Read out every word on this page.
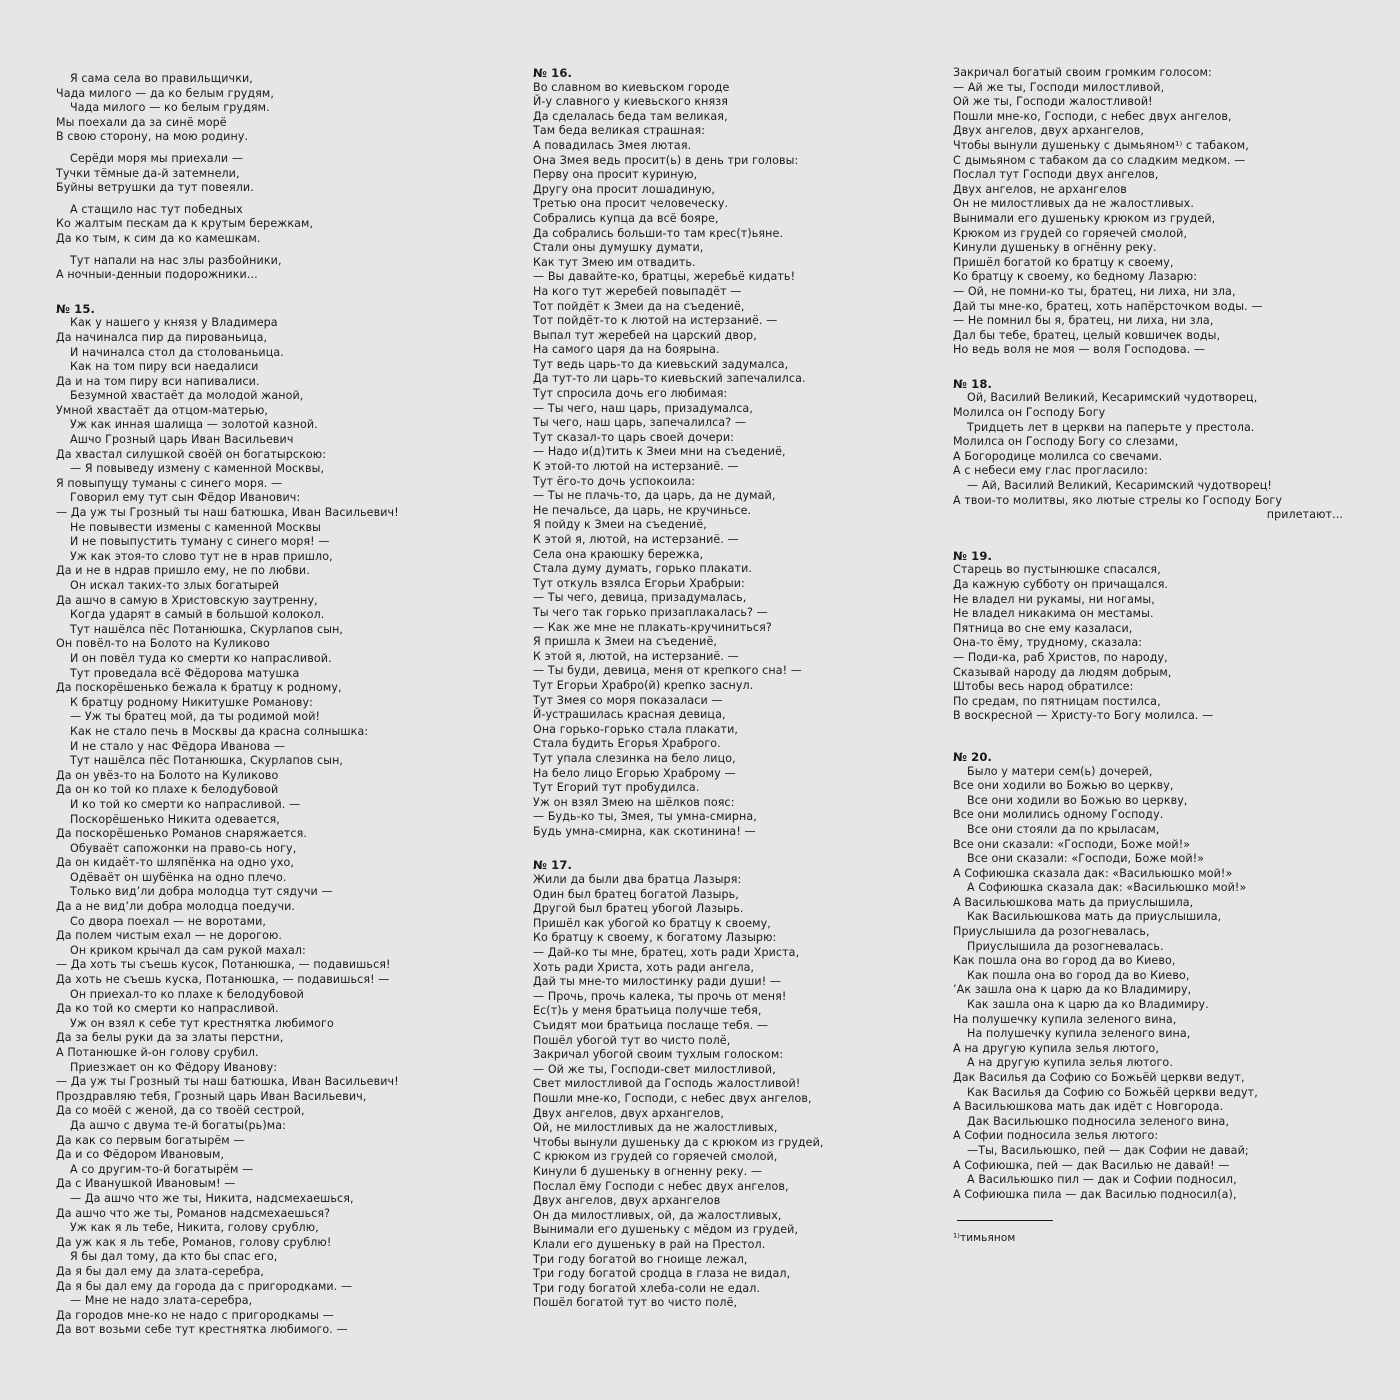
Я сама села во правильщички,
Чада милого — да ко белым грудям,
Чада милого — ко белым грудям.
Мы поехали да за синё морё
В свою сторону, на мою родину.
Серёди моря мы приехали —
Тучки тёмные да-й затемнели,
Буйны ветрушки да тут повеяли.
А стащило нас тут победных
Ко жалтым пескам да к крутым бережкам,
Да ко тым, к сим да ко камешкам.
Тут напали на нас злы разбойники,
А ночныи-денныи подорожники...
№ 15.
Как у нашего у князя у Владимера
Да начиналса пир да пированьица,
И начиналса стол да столованьица.
Как на том пиру вси наедалиси
Да и на том пиру вси напивалиси.
Безумной хвастаёт да молодой жаной,
Умной хвастаёт да отцом-матерью,
Уж как инная шалища — золотой казной.
Ашчо Грозный царь Иван Васильевич
Да хвастал силушкой своёй он богатырскою:
— Я повыведу измену с каменной Москвы,
Я повыпущу туманы с синего моря. —
Говорил ему тут сын Фёдор Иванович:
— Да уж ты Грозный ты наш батюшка, Иван Васильевич!
Не повывести измены с каменной Москвы
И не повыпустить туману с синего моря! —
Уж как этоя-то слово тут не в нрав пришло,
Да и не в ндрав пришло ему, не по любви.
Он искал таких-то злых богатырей
Да ашчо в самую в Христовскую заутренну,
Когда ударят в самый в большой колокол.
Тут нашёлса пёс Потанюшка, Скурлапов сын,
Он повёл-то на Болото на Куликово
И он повёл туда ко смерти ко напрасливой.
Тут проведала всё Фёдорова матушка
Да поскорёшенько бежала к братцу к родному,
К братцу родному Никитушке Романову:
— Уж ты братец мой, да ты родимой мой!
Как не стало печь в Москвы да красна солнышка:
И не стало у нас Фёдора Иванова —
Тут нашёлса пёс Потанюшка, Скурлапов сын,
Да он увёз-то на Болото на Куликово
Да он ко той ко плахе к белодубовой
И ко той ко смерти ко напрасливой. —
Поскорёшенько Никита одевается,
Да поскорёшенько Романов снаряжается.
Обуваёт сапожонки на право-сь ногу,
Да он кидаёт-то шляпёнка на одно ухо,
Одёваёт он шубёнка на одно плечо.
Только вид’ли добра молодца тут сядучи —
Да а не вид’ли добра молодца поедучи.
Со двора поехал — не воротами,
Да полем чистым ехал — не дорогою.
Он криком крычал да сам рукой махал:
— Да хоть ты съешь кусок, Потанюшка, — подавишься!
Да хоть не съешь куска, Потанюшка, — подавишься! —
Он приехал-то ко плахе к белодубовой
Да ко той ко смерти ко напрасливой.
Уж он взял к себе тут крестнятка любимого
Да за белы руки да за златы перстни,
А Потанюшке й-он голову срубил.
Приезжает он ко Фёдору Иванову:
— Да уж ты Грозный ты наш батюшка, Иван Васильевич!
Проздравляю тебя, Грозный царь Иван Васильевич,
Да со моёй с женой, да со твоёй сестрой,
Да ашчо с двума те-й богаты(рь)ма:
Да как со первым богатырём —
Да и со Фёдором Ивановым,
А со другим-то-й богатырём —
Да с Иванушкой Ивановым! —
— Да ашчо что же ты, Никита, надсмехаешься,
Да ашчо что же ты, Романов надсмехаешься?
Уж как я ль тебе, Никита, голову срублю,
Да уж как я ль тебе, Романов, голову срублю!
Я бы дал тому, да кто бы спас его,
Да я бы дал ему да злата-серебра,
Да я бы дал ему да города да с пригородками. —
— Мне не надо злата-серебра,
Да городов мне-ко не надо с пригородкамы —
Да вот возьми себе тут крестнятка любимого. —
№ 16.
Во славном во киевьском городе
Й-у славного у киевьского князя
Да сделалась беда там великая,
Там беда великая страшная:
А повадилась Змея лютая.
Она Змея ведь просит(ь) в день три головы:
Перву она просит куриную,
Другу она просит лошадиную,
Третью она просит человеческу.
Собрались купца да всё бояре,
Да собрались больши-то там крес(т)ьяне.
Стали оны думушку думати,
Как тут Змею им отвадить.
— Вы давайте-ко, братцы, жеребьё кидать!
На кого тут жеребей повыпадёт —
Тот пойдёт к Змеи да на съедениё,
Тот пойдёт-то к лютой на истерзаниё. —
Выпал тут жеребей на царский двор,
На самого царя да на боярына.
Тут ведь царь-то да киевьский задумалса,
Да тут-то ли царь-то киевьский запечалилса.
Тут спросила дочь его любимая:
— Ты чего, наш царь, призадумалса,
Ты чего, наш царь, запечалилса? —
Тут сказал-то царь своей дочери:
— Надо и(д)тить к Змеи мни на съедениё,
К этой-то лютой на истерзаниё. —
Тут ёго-то дочь успокоила:
— Ты не плачь-то, да царь, да не думай,
Не печальсе, да царь, не кручиньсе.
Я пойду к Змеи на съедениё,
К этой я, лютой, на истерзаниё. —
Села она краюшку бережка,
Стала думу думать, горько плакати.
Тут откуль взялса Егорьи Храбрыи:
— Ты чего, девица, призадумалась,
Ты чего так горько призаплакалась? —
— Как же мне не плакать-кручиниться?
Я пришла к Змеи на съедениё,
К этой я, лютой, на истерзаниё. —
— Ты буди, девица, меня от крепкого сна! —
Тут Егорьи Храбро(й) крепко заснул.
Тут Змея со моря показаласи —
Й-устрашилась красная девица,
Она горько-горько стала плакати,
Стала будить Егорья Храброго.
Тут упала слезинка на бело лицо,
На бело лицо Егорью Храброму —
Тут Егорий тут пробудилса.
Уж он взял Змею на шёлков пояс:
— Будь-ко ты, Змея, ты умна-смирна,
Будь умна-смирна, как скотинина! —
№ 17.
Жили да были два братца Лазыря:
Один был братец богатой Лазырь,
Другой был братец убогой Лазырь.
Пришёл как убогой ко братцу к своему,
Ко братцу к своему, к богатому Лазырю:
— Дай-ко ты мне, братец, хоть ради Христа,
Хоть ради Христа, хоть ради ангела,
Дай ты мне-то милостинку ради души! —
— Прочь, прочь калека, ты прочь от меня!
Ес(т)ь у меня братьица получше тебя,
Съидят мои братьица послаще тебя. —
Пошёл убогой тут во чисто полё,
Закричал убогой своим тухлым голоском:
— Ой же ты, Господи-свет милостливой,
Свет милостливой да Господь жалостливой!
Пошли мне-ко, Господи, с небес двух ангелов,
Двух ангелов, двух архангелов,
Ой, не милостливых да не жалостливых,
Чтобы вынули душеньку да с крюком из грудей,
С крюком из грудей со горяечей смолой,
Кинули б душеньку в огненну реку. —
Послал ёму Господи с небес двух ангелов,
Двух ангелов, двух архангелов
Он да милостливых, ой, да жалостливых,
Вынимали его душеньку с мёдом из грудей,
Клали его душеньку в рай на Престол.
Три году богатой во гноище лежал,
Три году богатой сродца в глаза не видал,
Три году богатой хлеба-соли не едал.
Пошёл богатой тут во чисто полё,
Закричал богатый своим громким голосом:
— Ай же ты, Господи милостливой,
Ой же ты, Господи жалостливой!
Пошли мне-ко, Господи, с небес двух ангелов,
Двух ангелов, двух архангелов,
Чтобы вынули душеньку с дымьяном¹⁾ с табаком,
С дымьяном с табаком да со сладким медком. —
Послал тут Господи двух ангелов,
Двух ангелов, не архангелов
Он не милостливых да не жалостливых.
Вынимали его душеньку крюком из грудей,
Крюком из грудей со горяечей смолой,
Кинули душеньку в огнённу реку.
Пришёл богатой ко братцу к своему,
Ко братцу к своему, ко бедному Лазарю:
— Ой, не помни-ко ты, братец, ни лиха, ни зла,
Дай ты мне-ко, братец, хоть напёрсточком воды. —
— Не помнил бы я, братец, ни лиха, ни зла,
Дал бы тебе, братец, целый ковшичек воды,
Но ведь воля не моя — воля Господова. —
№ 18.
Ой, Василий Великий, Кесаримский чудотворец,
Молилса он Господу Богу
Тридцеть лет в церкви на паперьте у престола.
Молилса он Господу Богу со слезами,
А Богородице молилса со свечами.
А с небеси ему глас прогласило:
— Ай, Василий Великий, Кесаримский чудотворец!
А твои-то молитвы, яко лютые стрелы ко Господу Богу
прилетают...
№ 19.
Старець во пустынюшке спасался,
Да кажную субботу он причащался.
Не владел ни рукамы, ни ногамы,
Не владел никакима он местамы.
Пятница во сне ему казаласи,
Она-то ёму, трудному, сказала:
— Поди-ка, раб Христов, по народу,
Сказывай народу да людям добрым,
Штобы весь народ обратилсе:
По средам, по пятницам постилса,
В воскресной — Христу-то Богу молилса. —
№ 20.
Было у матери сем(ь) дочерей,
Все они ходили во Божью во церкву,
Все они ходили во Божью во церкву,
Все они молились одному Господу.
Все они стояли да по крыласам,
Все они сказали: «Господи, Боже мой!»
Все они сказали: «Господи, Боже мой!»
А Софиюшка сказала дак: «Васильюшко мой!»
А Софиюшка сказала дак: «Васильюшко мой!»
А Васильюшкова мать да приуслышила,
Как Васильюшкова мать да приуслышила,
Приуслышила да розогневалась,
Приуслышила да розогневалась.
Как пошла она во город да во Киево,
Как пошла она во город да во Киево,
’Ак зашла она к царю да ко Владимиру,
Как зашла она к царю да ко Владимиру.
На полушечку купила зеленого вина,
На полушечку купила зеленого вина,
А на другую купила зелья лютого,
А на другую купила зелья лютого.
Дак Василья да Софию со Божьёй церкви ведут,
Как Василья да Софию со Божьёй церкви ведут,
А Васильюшкова мать дак идёт с Новгорода.
Дак Васильюшко подносила зеленого вина,
А Софии подносила зелья лютого:
—Ты, Васильюшко, пей — дак Софии не давай;
А Софиюшка, пей — дак Василью не давай! —
А Васильюшко пил — дак и Софии подносил,
А Софиюшка пила — дак Василью подносил(а),
¹⁾тимьяном
